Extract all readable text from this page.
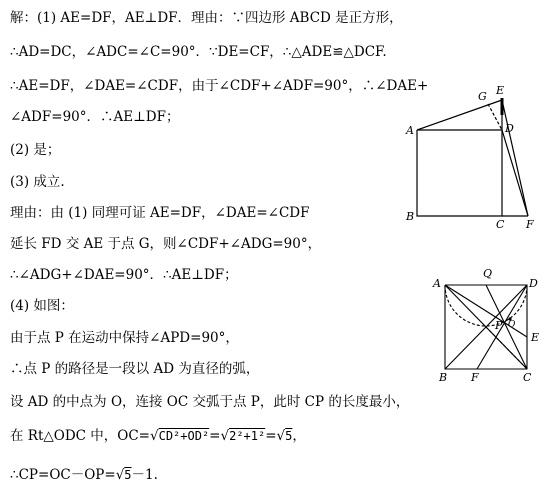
解：(1) AE=DF，AE⊥DF．理由：∵四边形 ABCD 是正方形，
∴AD=DC，∠ADC=∠C=90°．∵DE=CF，∴△ADE≌△DCF.
∴AE=DF，∠DAE=∠CDF，由于∠CDF+∠ADF=90°，∴∠DAE+
∠ADF=90°．∴AE⊥DF；
(2) 是；
(3) 成立.
理由：由 (1) 同理可证 AE=DF，∠DAE=∠CDF
延长 FD 交 AE 于点 G，则∠CDF+∠ADG=90°，
∴∠ADG+∠DAE=90°．∴AE⊥DF；
(4) 如图：
由于点 P 在运动中保持∠APD=90°，
∴点 P 的路径是一段以 AD 为直径的弧，
设 AD 的中点为 O，连接 OC 交弧于点 P，此时 CP 的长度最小，
在 Rt△ODC 中，OC=√CD²+OD²=√2²+1²=√5，
∴CP=OC－OP=√5－1.
G E
A	D
B
C F
Q
A	D
P
E
O
B F	C
